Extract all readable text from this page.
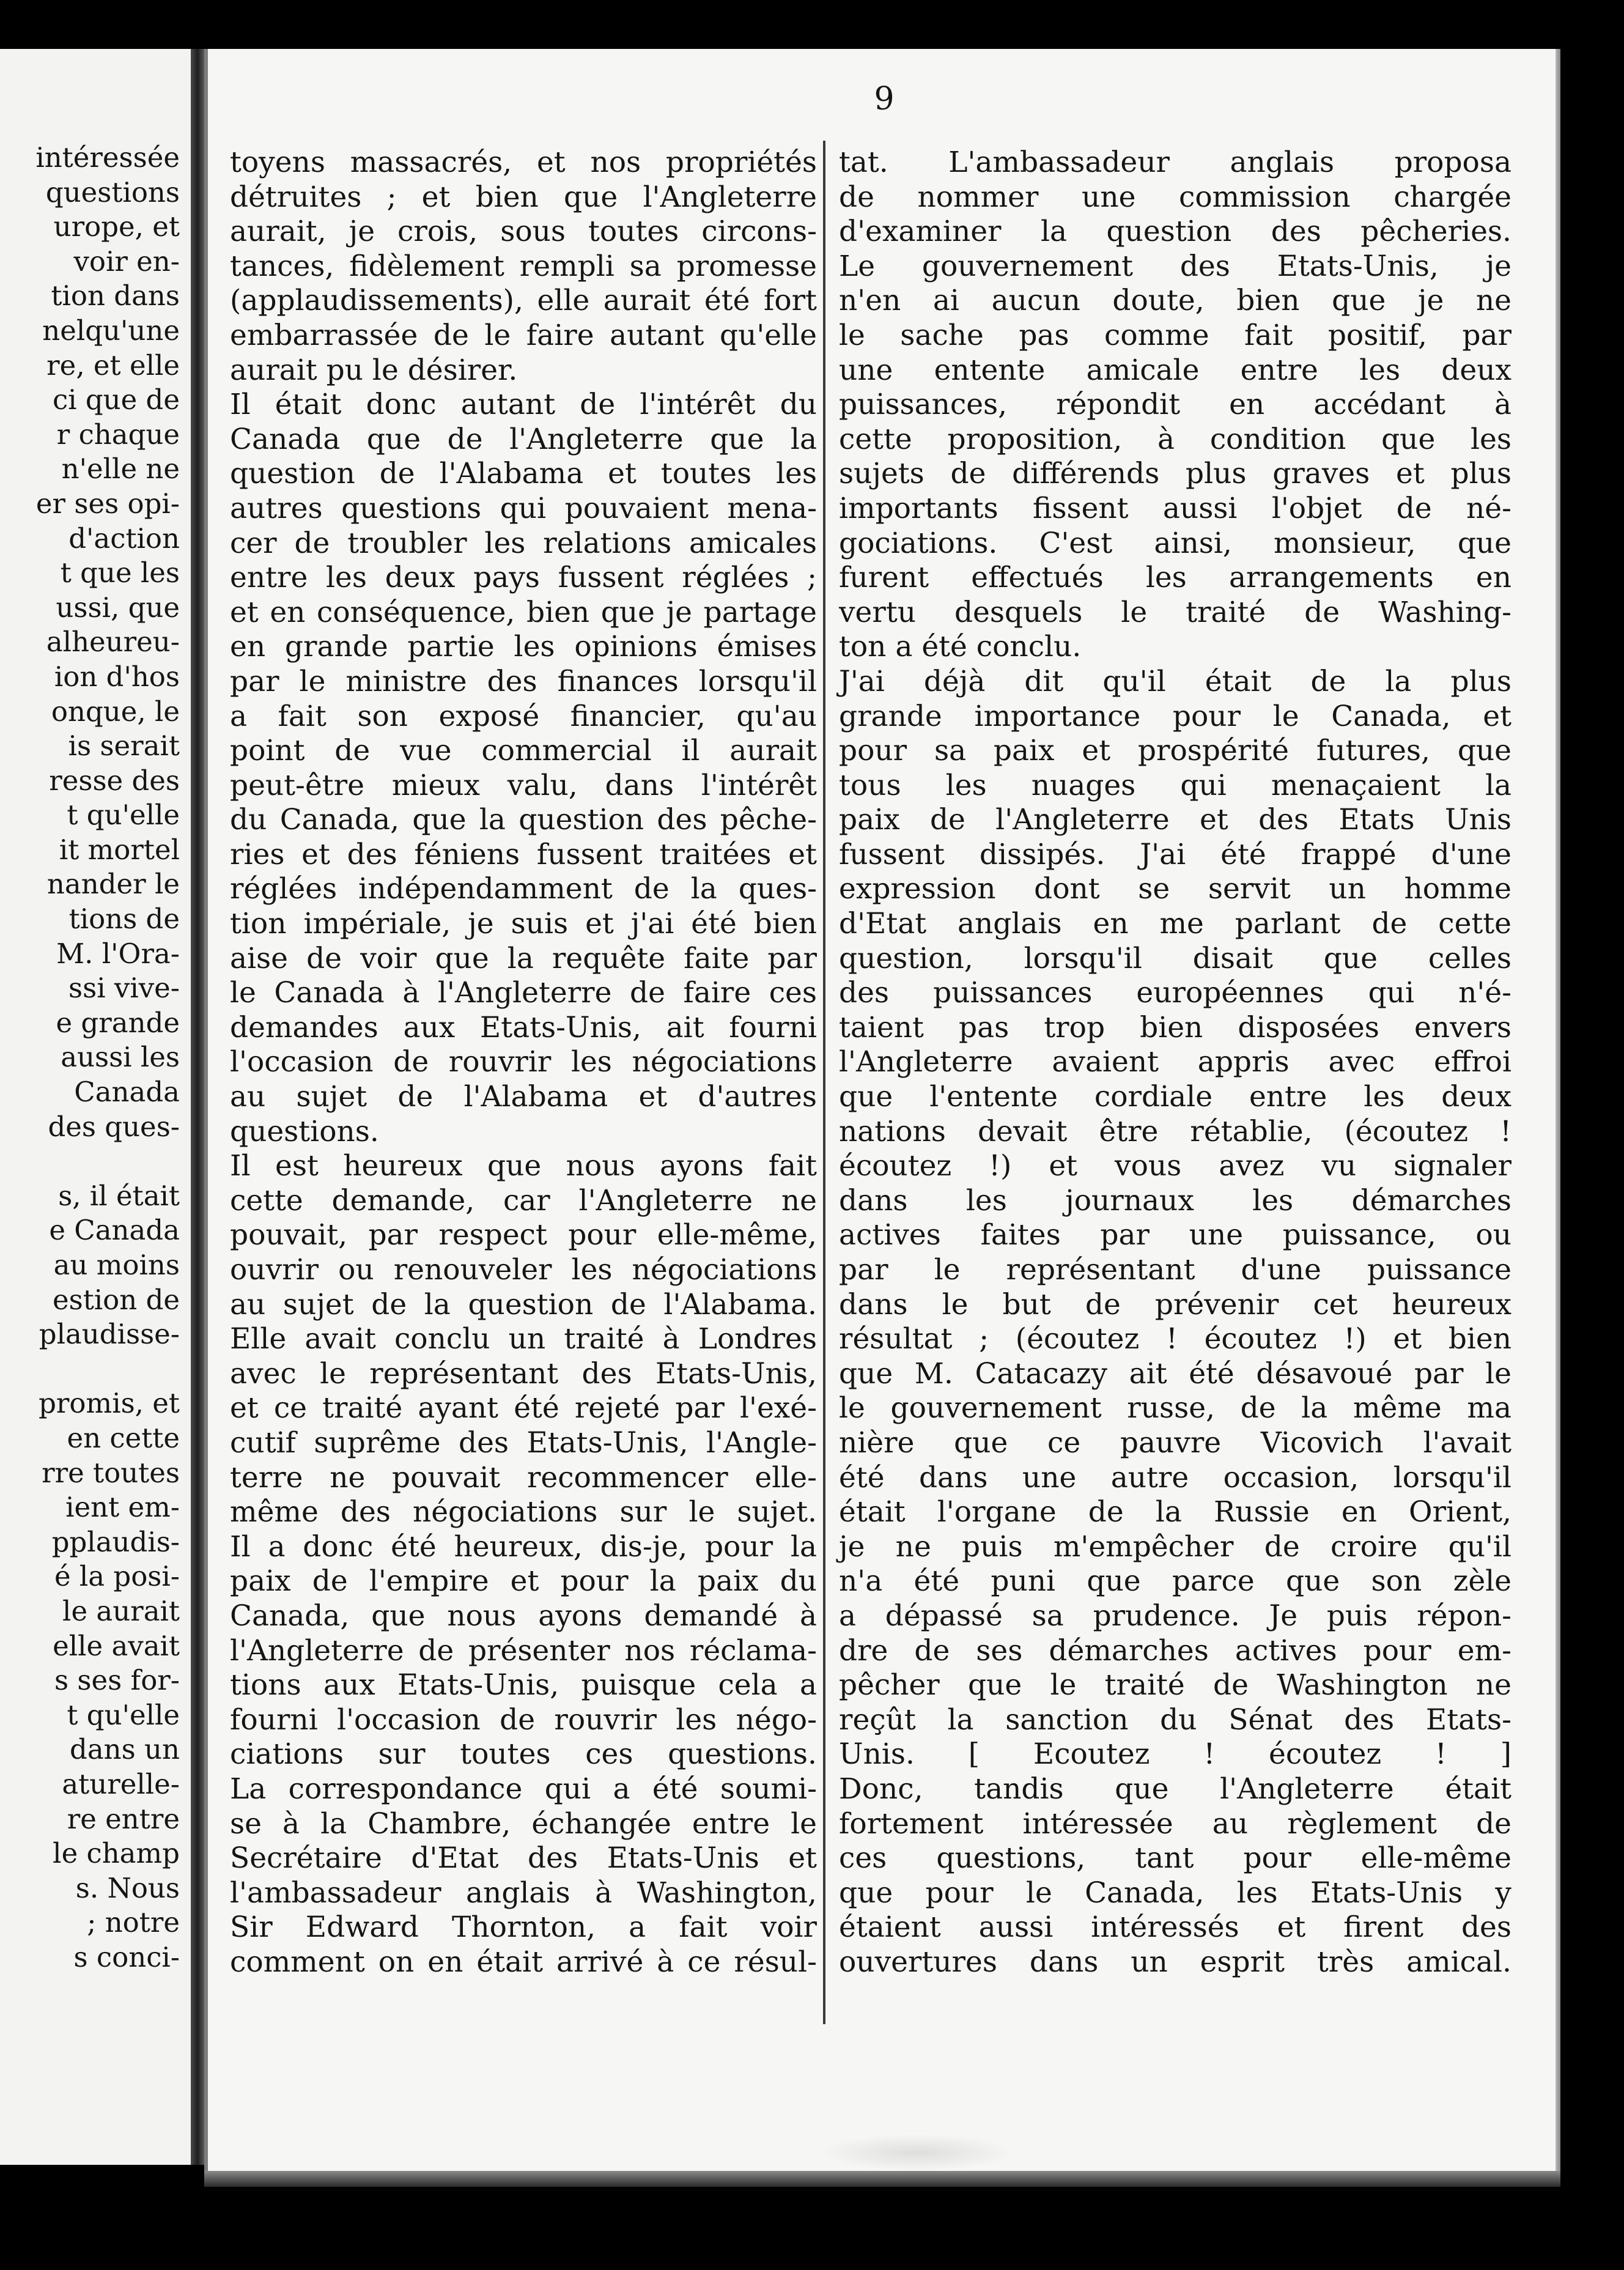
intéressée
questions
urope, et
voir en-
tion dans
nelqu'une
re, et elle
ci que de
r chaque
n'elle ne
er ses opi-
d'action
t que les
ussi, que
alheureu-
ion d'hos
onque, le
is serait
resse des
t qu'elle
it mortel
nander le
tions de
M. l'Ora-
ssi vive-
e grande
aussi les
Canada
des ques-
s, il était
e Canada
au moins
estion de
plaudisse-
promis, et
en cette
rre toutes
ient em-
pplaudis-
é la posi-
le aurait
elle avait
s ses for-
t qu'elle
dans un
aturelle-
re entre
le champ
s. Nous
; notre
s conci-
9

toyens massacrés, et nos propriétés

détruites ; et bien que l'Angleterre

aurait, je crois, sous toutes circons-

tances, fidèlement rempli sa promesse

(applaudissements), elle aurait été fort

embarrassée de le faire autant qu'elle

aurait pu le désirer.

Il était donc autant de l'intérêt du

Canada que de l'Angleterre que la

question de l'Alabama et toutes les

autres questions qui pouvaient mena-

cer de troubler les relations amicales

entre les deux pays fussent réglées ;

et en conséquence, bien que je partage

en grande partie les opinions émises

par le ministre des finances lorsqu'il

a fait son exposé financier, qu'au

point de vue commercial il aurait

peut-être mieux valu, dans l'intérêt

du Canada, que la question des pêche-

ries et des féniens fussent traitées et

réglées indépendamment de la ques-

tion impériale, je suis et j'ai été bien

aise de voir que la requête faite par

le Canada à l'Angleterre de faire ces

demandes aux Etats-Unis, ait fourni

l'occasion de rouvrir les négociations

au sujet de l'Alabama et d'autres

questions.

Il est heureux que nous ayons fait

cette demande, car l'Angleterre ne

pouvait, par respect pour elle-même,

ouvrir ou renouveler les négociations

au sujet de la question de l'Alabama.

Elle avait conclu un traité à Londres

avec le représentant des Etats-Unis,

et ce traité ayant été rejeté par l'exé-

cutif suprême des Etats-Unis, l'Angle-

terre ne pouvait recommencer elle-

même des négociations sur le sujet.

Il a donc été heureux, dis-je, pour la

paix de l'empire et pour la paix du

Canada, que nous ayons demandé à

l'Angleterre de présenter nos réclama-

tions aux Etats-Unis, puisque cela a

fourni l'occasion de rouvrir les négo-

ciations sur toutes ces questions.

La correspondance qui a été soumi-

se à la Chambre, échangée entre le

Secrétaire d'Etat des Etats-Unis et

l'ambassadeur anglais à Washington,

Sir Edward Thornton, a fait voir

comment on en était arrivé à ce résul-

tat. L'ambassadeur anglais proposa

de nommer une commission chargée

d'examiner la question des pêcheries.

Le gouvernement des Etats-Unis, je

n'en ai aucun doute, bien que je ne

le sache pas comme fait positif, par

une entente amicale entre les deux

puissances, répondit en accédant à

cette proposition, à condition que les

sujets de différends plus graves et plus

importants fissent aussi l'objet de né-

gociations. C'est ainsi, monsieur, que

furent effectués les arrangements en

vertu desquels le traité de Washing-

ton a été conclu.

J'ai déjà dit qu'il était de la plus

grande importance pour le Canada, et

pour sa paix et prospérité futures, que

tous les nuages qui menaçaient la

paix de l'Angleterre et des Etats Unis

fussent dissipés. J'ai été frappé d'une

expression dont se servit un homme

d'Etat anglais en me parlant de cette

question, lorsqu'il disait que celles

des puissances européennes qui n'é-

taient pas trop bien disposées envers

l'Angleterre avaient appris avec effroi

que l'entente cordiale entre les deux

nations devait être rétablie, (écoutez !

écoutez !) et vous avez vu signaler

dans les journaux les démarches

actives faites par une puissance, ou

par le représentant d'une puissance

dans le but de prévenir cet heureux

résultat ; (écoutez ! écoutez !) et bien

que M. Catacazy ait été désavoué par le

le gouvernement russe, de la même ma

nière que ce pauvre Vicovich l'avait

été dans une autre occasion, lorsqu'il

était l'organe de la Russie en Orient,

je ne puis m'empêcher de croire qu'il

n'a été puni que parce que son zèle

a dépassé sa prudence. Je puis répon-

dre de ses démarches actives pour em-

pêcher que le traité de Washington ne

reçût la sanction du Sénat des Etats-

Unis. [ Ecoutez ! écoutez ! ]

Donc, tandis que l'Angleterre était

fortement intéressée au règlement de

ces questions, tant pour elle-même

que pour le Canada, les Etats-Unis y

étaient aussi intéressés et firent des

ouvertures dans un esprit très amical.
